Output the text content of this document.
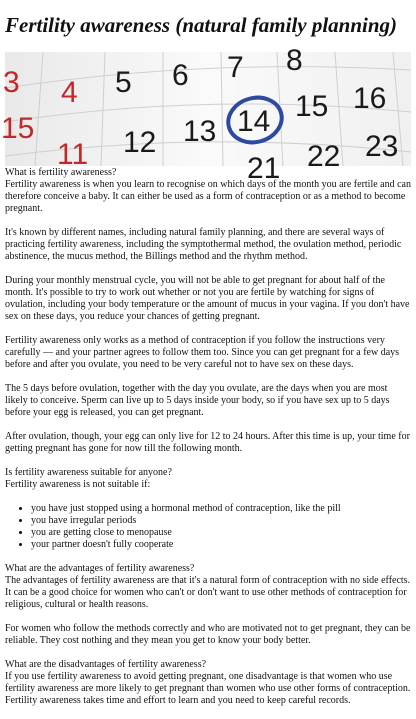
Fertility awareness (natural family planning)
3 4 5 6 7 8
15
11 12 13 14 15 16
21 22 23

What is fertility awareness?

Fertility awareness is when you learn to recognise on which days of the month you are fertile and can therefore conceive a baby. It can either be used as a form of contraception or as a method to become pregnant.

It's known by different names, including natural family planning, and there are several ways of practicing fertility awareness, including the symptothermal method, the ovulation method, periodic abstinence, the mucus method, the Billings method and the rhythm method.

During your monthly menstrual cycle, you will not be able to get pregnant for about half of the month. It's possible to try to work out whether or not you are fertile by watching for signs of ovulation, including your body temperature or the amount of mucus in your vagina. If you don't have sex on these days, you reduce your chances of getting pregnant.

Fertility awareness only works as a method of contraception if you follow the instructions very carefully — and your partner agrees to follow them too. Since you can get pregnant for a few days before and after you ovulate, you need to be very careful not to have sex on these days.

The 5 days before ovulation, together with the day you ovulate, are the days when you are most likely to conceive. Sperm can live up to 5 days inside your body, so if you have sex up to 5 days before your egg is released, you can get pregnant.

After ovulation, though, your egg can only live for 12 to 24 hours. After this time is up, your time for getting pregnant has gone for now till the following month.

Is fertility awareness suitable for anyone?

Fertility awareness is not suitable if:

• you have just stopped using a hormonal method of contraception, like the pill
• you have irregular periods
• you are getting close to menopause
• your partner doesn't fully cooperate

What are the advantages of fertility awareness?

The advantages of fertility awareness are that it's a natural form of contraception with no side effects. It can be a good choice for women who can't or don't want to use other methods of contraception for religious, cultural or health reasons.

For women who follow the methods correctly and who are motivated not to get pregnant, they can be reliable. They cost nothing and they mean you get to know your body better.

What are the disadvantages of fertility awareness?

If you use fertility awareness to avoid getting pregnant, one disadvantage is that women who use fertility awareness are more likely to get pregnant than women who use other forms of contraception. Fertility awareness takes time and effort to learn and you need to keep careful records.
